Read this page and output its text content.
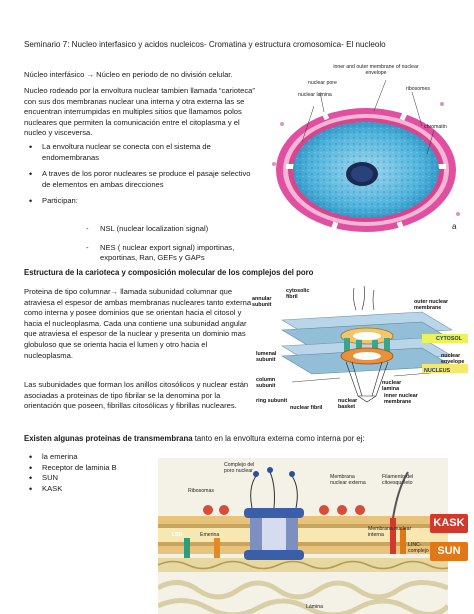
Seminario 7: Nucleo interfasico y acidos nucleicos- Cromatina y estructura cromosomica- El nucleolo
Núcleo interfásico → Núcleo en periodo de no división celular.
Nucleo rodeado por la envoltura nuclear tambien llamada “carioteca” con sus dos membranas nuclear una interna y otra externa las se encuentran interrumpidas en multiples sitios que llamamos polos nucleares que permiten la comunicación entre el citoplasma y el nucleo y visceversa.
• La envoltura nuclear se conecta con el sistema de endomembranas
• A traves de los poror nucleares se produce el pasaje selectivo de elementos en ambas direcciones
• Participan:
- NSL (nuclear localization signal)
- NES ( nuclear export signal) importinas, exportinas, Ran, GEFs y GAPs
inner and outer membrane of nuclear envelope
nuclear pore
nuclear lamina
ribosomes
chromatin
a
Estructura de la carioteca y composición molecular de los complejos del poro
Proteina de tipo columnar→ llamada subunidad columnar que atraviesa el espesor de ambas membranas nucleares tanto externa como interna y posee dominios que se orientan hacia el citosol y hacia el nucleoplasma. Cada una contiene una subunidad angular que atraviesa el espesor de la nuclear y presenta un dominio mas globuloso que se orienta hacia el lumen y otro hacia el nucleoplasma.
Las subunidades que forman los anillos citosólicos y nuclear están asociadas a proteinas de tipo fibrilar se la denomina por la orientación que poseen, fibrillas citosólicas y fibrillas nucleares.
annular subunit
cytosolic fibril
outer nuclear membrane
CYTOSOL
nuclear envelope
NUCLEUS
lumenal subunit
column subunit
ring subunit
nuclear fibril
nuclear basket
nuclear lamina
inner nuclear membrane
Existen algunas proteinas de transmembrana tanto en la envoltura externa como interna por ej:
• la emerina
• Receptor de laminia B
• SUN
• KASK
Complejo del poro nuclear
Membrana nuclear externa
Filamento del citoesqueleto
Ribosomas
LBR	Emerina
Membrana nuclear interna
LINC-complejo
Lámina
KASK
SUN
